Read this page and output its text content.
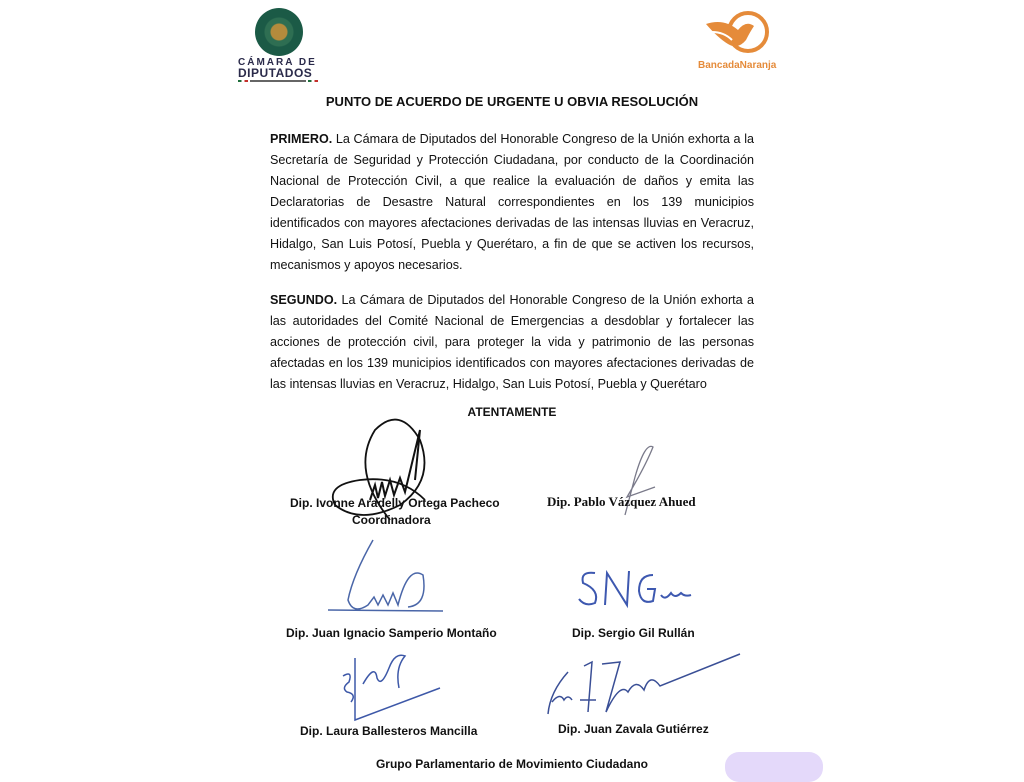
CÁMARA DE
DIPUTADOS
BancadaNaranja
PUNTO DE ACUERDO DE URGENTE U OBVIA RESOLUCIÓN
PRIMERO. La Cámara de Diputados del Honorable Congreso de la Unión exhorta a la Secretaría de Seguridad y Protección Ciudadana, por conducto de la Coordinación Nacional de Protección Civil, a que realice la evaluación de daños y emita las Declaratorias de Desastre Natural correspondientes en los 139 municipios identificados con mayores afectaciones derivadas de las intensas lluvias en Veracruz, Hidalgo, San Luis Potosí, Puebla y Querétaro, a fin de que se activen los recursos, mecanismos y apoyos necesarios.
SEGUNDO. La Cámara de Diputados del Honorable Congreso de la Unión exhorta a las autoridades del Comité Nacional de Emergencias a desdoblar y fortalecer las acciones de protección civil, para proteger la vida y patrimonio de las personas afectadas en los 139 municipios identificados con mayores afectaciones derivadas de las intensas lluvias en Veracruz, Hidalgo, San Luis Potosí, Puebla y Querétaro
ATENTAMENTE
Dip. Ivonne Aradelly Ortega Pacheco
Coordinadora
Dip. Pablo Vázquez Ahued
Dip. Juan Ignacio Samperio Montaño	Dip. Sergio Gil Rullán
Dip. Laura Ballesteros Mancilla	Dip. Juan Zavala Gutiérrez
Grupo Parlamentario de Movimiento Ciudadano
